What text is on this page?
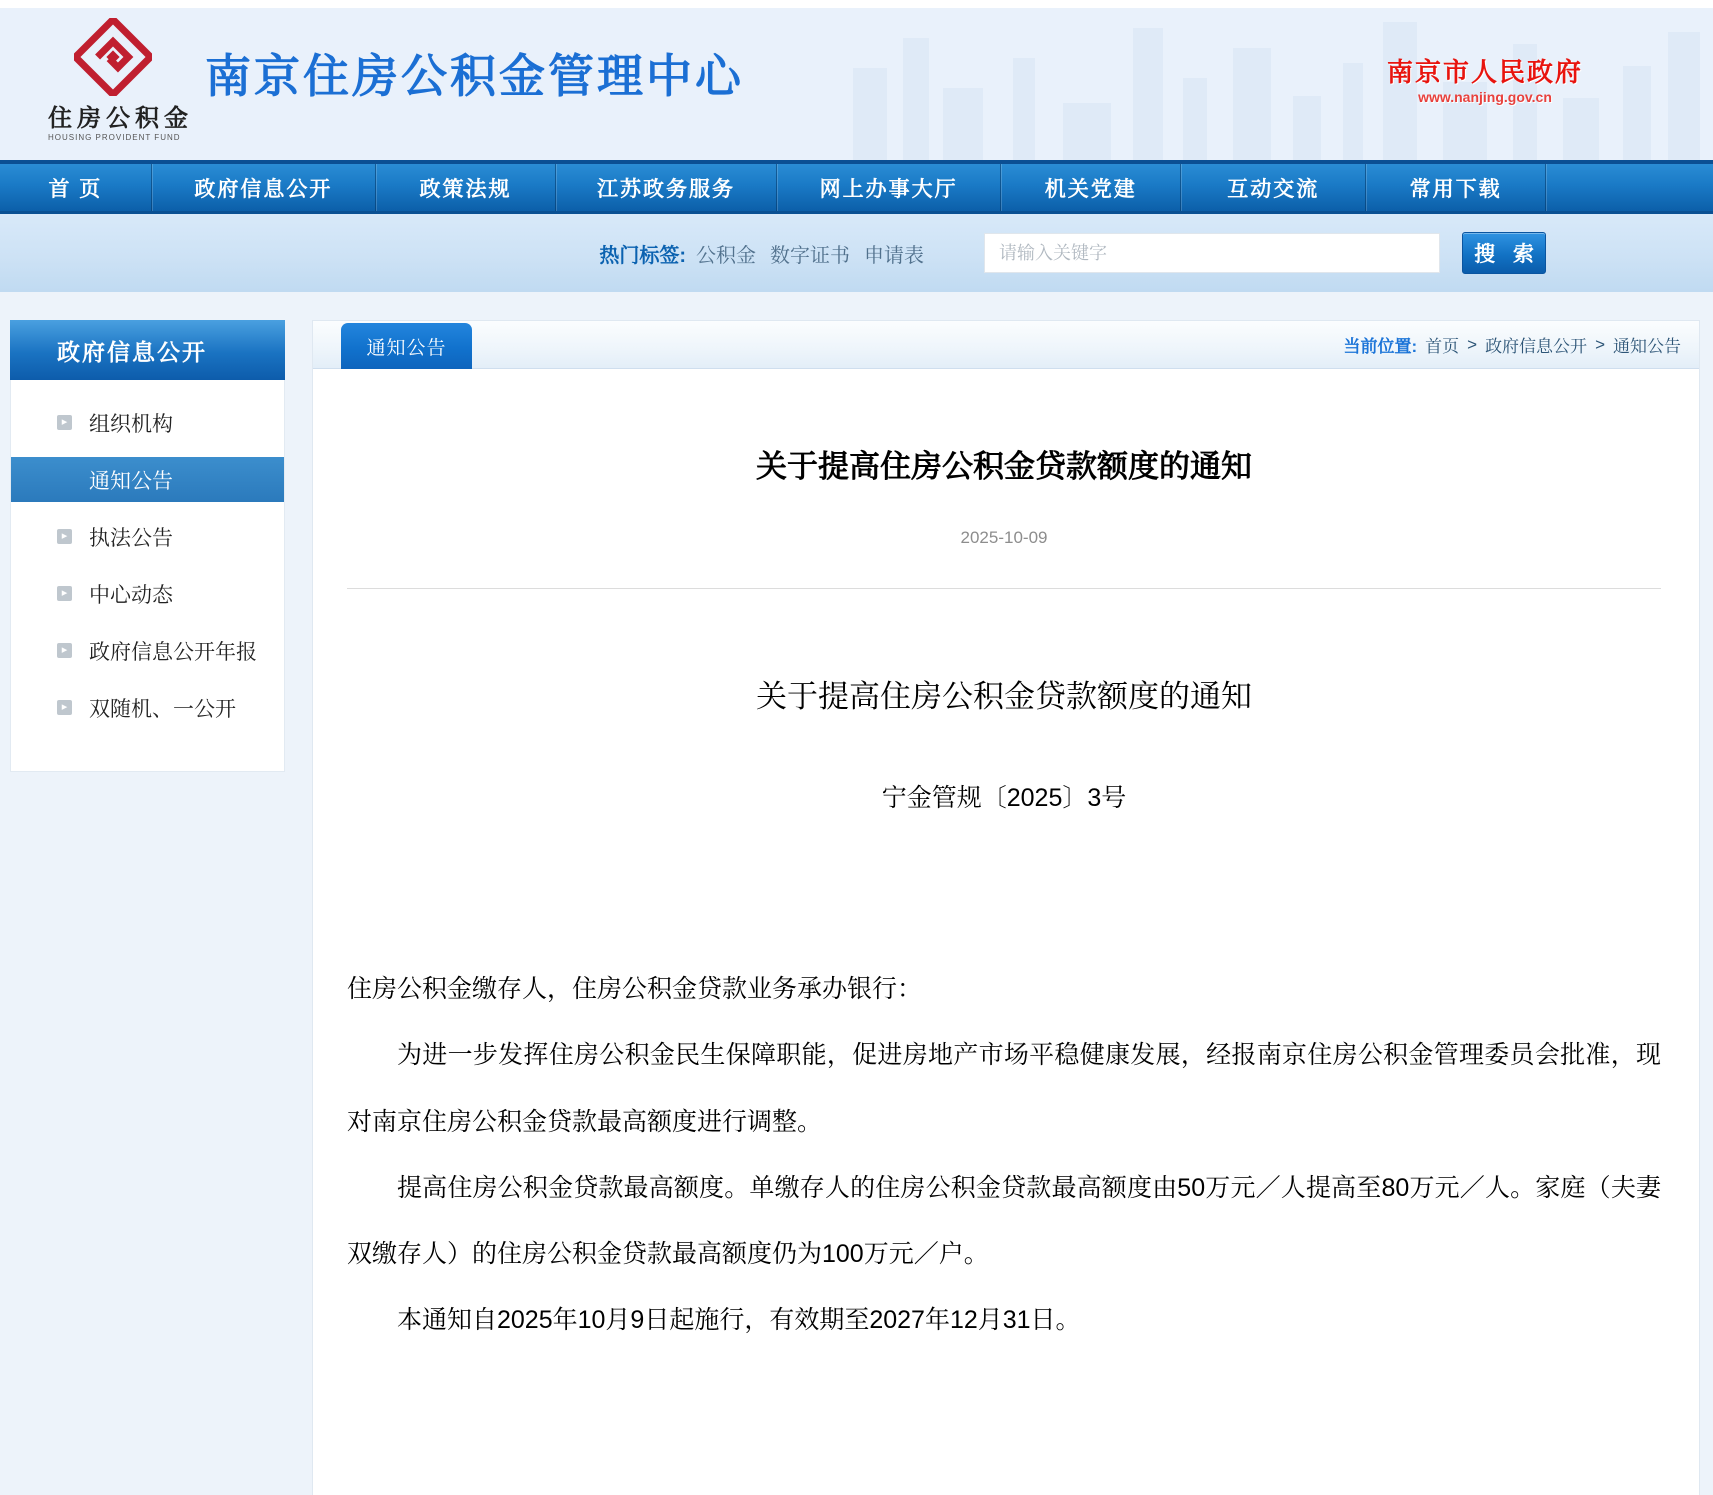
住房公积金
HOUSING PROVIDENT FUND
南京住房公积金管理中心	南京市人民政府
www.nanjing.gov.cn
首 页	政府信息公开	政策法规	江苏政务服务	网上办事大厅	机关党建	互动交流	常用下载
热门标签: 公积金 数字证书 申请表
请输入关键字	搜 索
政府信息公开
▸ 组织机构
通知公告
▸ 执法公告
▸ 中心动态
▸ 政府信息公开年报
▸ 双随机、一公开
通知公告	当前位置: 首页 > 政府信息公开 > 通知公告
关于提高住房公积金贷款额度的通知
2025-10-09
关于提高住房公积金贷款额度的通知
宁金管规〔2025〕3号

住房公积金缴存人，住房公积金贷款业务承办银行：

为进一步发挥住房公积金民生保障职能，促进房地产市场平稳健康发展，经报南京住房公积金管理委员会批准，现对南京住房公积金贷款最高额度进行调整。

提高住房公积金贷款最高额度。单缴存人的住房公积金贷款最高额度由50万元／人提高至80万元／人。家庭（夫妻双缴存人）的住房公积金贷款最高额度仍为100万元／户。

本通知自2025年10月9日起施行，有效期至2027年12月31日。
